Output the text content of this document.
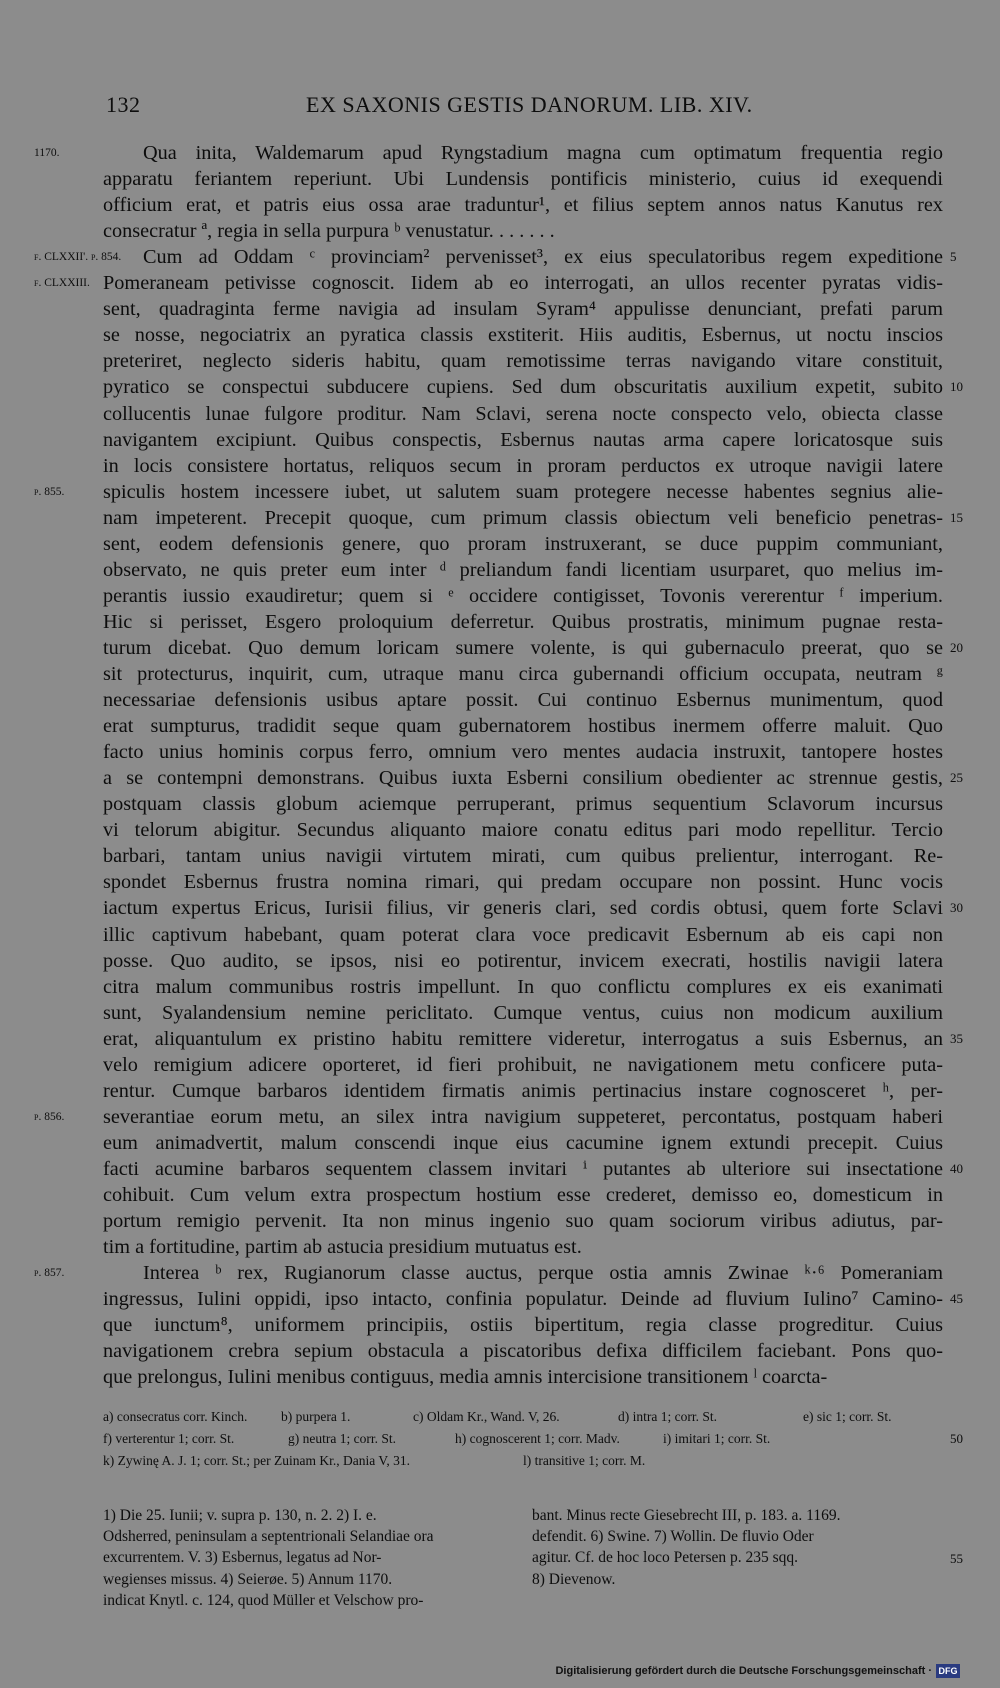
132	EX SAXONIS GESTIS DANORUM. LIB. XIV.
Qua inita, Waldemarum apud Ryngstadium magna cum optimatum frequentia regio
1170.
apparatu feriantem reperiunt. Ubi Lundensis pontificis ministerio, cuius id exequendi
officium erat, et patris eius ossa arae traduntur¹, et filius septem annos natus Kanutus rex
consecratur ª, regia in sella purpura ᵇ venustatur. . . . . . .
Cum ad Oddam ᶜ provinciam² pervenisset³, ex eius speculatoribus regem expeditione
f. CLXXII'. p. 854.	5
Pomeraneam petivisse cognoscit. Iidem ab eo interrogati, an ullos recenter pyratas vidis-
f. CLXXIII.
sent, quadraginta ferme navigia ad insulam Syram⁴ appulisse denunciant, prefati parum
se nosse, negociatrix an pyratica classis exstiterit. Hiis auditis, Esbernus, ut noctu inscios
preteriret, neglecto sideris habitu, quam remotissime terras navigando vitare constituit,
pyratico se conspectui subducere cupiens. Sed dum obscuritatis auxilium expetit, subito 10
collucentis lunae fulgore proditur. Nam Sclavi, serena nocte conspecto velo, obiecta classe
navigantem excipiunt. Quibus conspectis, Esbernus nautas arma capere loricatosque suis
in locis consistere hortatus, reliquos secum in proram perductos ex utroque navigii latere
spiculis hostem incessere iubet, ut salutem suam protegere necesse habentes segnius alie-
p. 855.
nam impeterent. Precepit quoque, cum primum classis obiectum veli beneficio penetras- 15
sent, eodem defensionis genere, quo proram instruxerant, se duce puppim communiant,
observato, ne quis preter eum inter ᵈ preliandum fandi licentiam usurparet, quo melius im-
perantis iussio exaudiretur; quem si ᵉ occidere contigisset, Tovonis vererentur ᶠ imperium.
Hic si perisset, Esgero proloquium deferretur. Quibus prostratis, minimum pugnae resta-
turum dicebat. Quo demum loricam sumere volente, is qui gubernaculo preerat, quo se 20
sit protecturus, inquirit, cum, utraque manu circa gubernandi officium occupata, neutram ᵍ
necessariae defensionis usibus aptare possit. Cui continuo Esbernus munimentum, quod
erat sumpturus, tradidit seque quam gubernatorem hostibus inermem offerre maluit. Quo
facto unius hominis corpus ferro, omnium vero mentes audacia instruxit, tantopere hostes
a se contempni demonstrans. Quibus iuxta Esberni consilium obedienter ac strennue gestis, 25
postquam classis globum aciemque perruperant, primus sequentium Sclavorum incursus
vi telorum abigitur. Secundus aliquanto maiore conatu editus pari modo repellitur. Tercio
barbari, tantam unius navigii virtutem mirati, cum quibus prelientur, interrogant. Re-
spondet Esbernus frustra nomina rimari, qui predam occupare non possint. Hunc vocis
iactum expertus Ericus, Iurisii filius, vir generis clari, sed cordis obtusi, quem forte Sclavi 30
illic captivum habebant, quam poterat clara voce predicavit Esbernum ab eis capi non
posse. Quo audito, se ipsos, nisi eo potirentur, invicem execrati, hostilis navigii latera
citra malum communibus rostris impellunt. In quo conflictu complures ex eis exanimati
sunt, Syalandensium nemine periclitato. Cumque ventus, cuius non modicum auxilium
erat, aliquantulum ex pristino habitu remittere videretur, interrogatus a suis Esbernus, an 35
velo remigium adicere oporteret, id fieri prohibuit, ne navigationem metu conficere puta-
rentur. Cumque barbaros identidem firmatis animis pertinacius instare cognosceret ʰ, per-
severantiae eorum metu, an silex intra navigium suppeteret, percontatus, postquam haberi
p. 856.
eum animadvertit, malum conscendi inque eius cacumine ignem extundi precepit. Cuius
facti acumine barbaros sequentem classem invitari ⁱ putantes ab ulteriore sui insectatione 40
cohibuit. Cum velum extra prospectum hostium esse crederet, demisso eo, domesticum in
portum remigio pervenit. Ita non minus ingenio suo quam sociorum viribus adiutus, par-
tim a fortitudine, partim ab astucia presidium mutuatus est.
Interea ᵇ rex, Rugianorum classe auctus, perque ostia amnis Zwinae ᵏ·⁶ Pomeraniam
p. 857.
ingressus, Iulini oppidi, ipso intacto, confinia populatur. Deinde ad fluvium Iulino⁷ Camino- 45
que iunctum⁸, uniformem principiis, ostiis bipertitum, regia classe progreditur. Cuius
navigationem crebra sepium obstacula a piscatoribus defixa difficilem faciebant. Pons quo-
que prelongus, Iulini menibus contiguus, media amnis intercisione transitionem ˡ coarcta-
a) consecratus corr. Kinch. b) purpera 1.	c) Oldam Kr., Wand. V, 26.	d) intra 1; corr. St.	e) sic 1; corr. St.
f) verterentur 1; corr. St.	g) neutra 1; corr. St.	h) cognoscerent 1; corr. Madv.	i) imitari 1; corr. St.	50
k) Zywinę A. J. 1; corr. St.; per Zuinam Kr., Dania V, 31.	l) transitive 1; corr. M.
1) Die 25. Iunii; v. supra p. 130, n. 2. 2) I. e.
Odsherred, peninsulam a septentrionali Selandiae ora
excurrentem. V. 3) Esbernus, legatus ad Nor-
wegienses missus. 4) Seierøe. 5) Annum 1170.
indicat Knytl. c. 124, quod Müller et Velschow pro-
bant. Minus recte Giesebrecht III, p. 183. a. 1169.
defendit. 6) Swine. 7) Wollin. De fluvio Oder
agitur. Cf. de hoc loco Petersen p. 235 sqq.
8) Dievenow.
55
Digitalisierung gefördert durch die Deutsche Forschungsgemeinschaft · DFG
